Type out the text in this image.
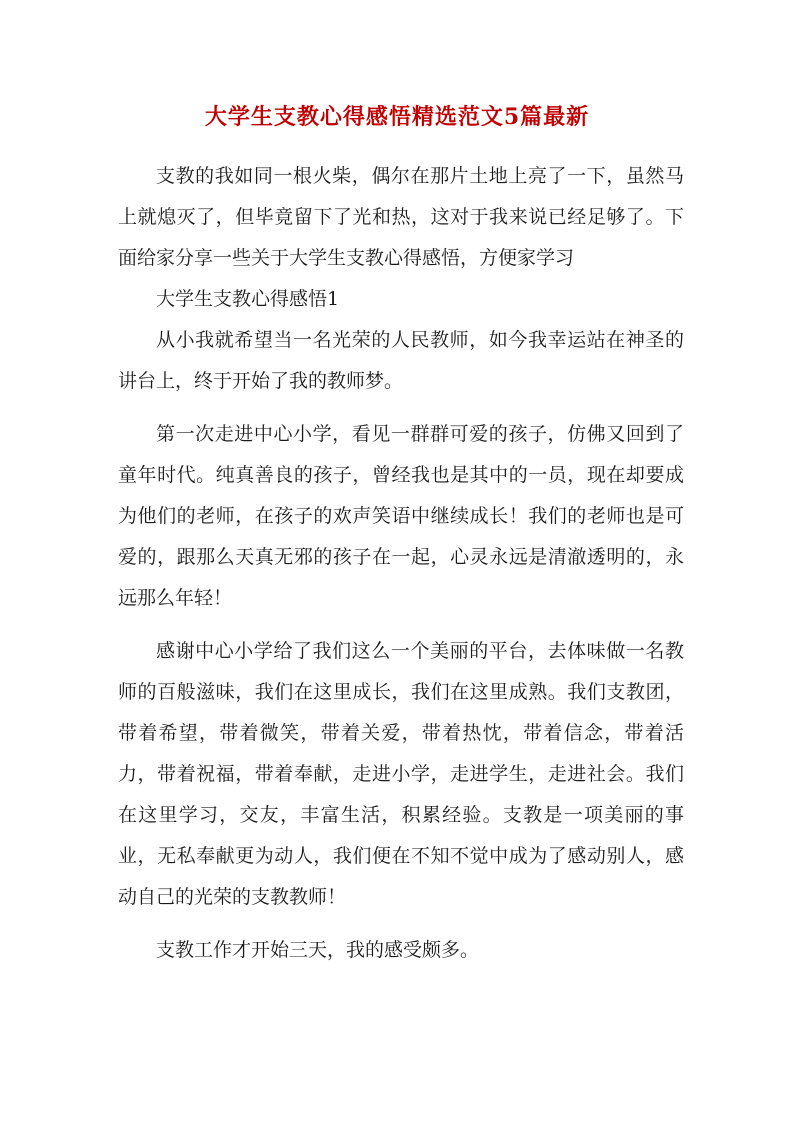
大学生支教心得感悟精选范文5篇最新

支教的我如同一根火柴，偶尔在那片土地上亮了一下，虽然马上就熄灭了，但毕竟留下了光和热，这对于我来说已经足够了。下面给家分享一些关于大学生支教心得感悟，方便家学习

大学生支教心得感悟1

从小我就希望当一名光荣的人民教师，如今我幸运站在神圣的讲台上，终于开始了我的教师梦。

第一次走进中心小学，看见一群群可爱的孩子，仿佛又回到了童年时代。纯真善良的孩子，曾经我也是其中的一员，现在却要成为他们的老师，在孩子的欢声笑语中继续成长！我们的老师也是可爱的，跟那么天真无邪的孩子在一起，心灵永远是清澈透明的，永远那么年轻！

感谢中心小学给了我们这么一个美丽的平台，去体味做一名教师的百般滋味，我们在这里成长，我们在这里成熟。我们支教团，带着希望，带着微笑，带着关爱，带着热忱，带着信念，带着活力，带着祝福，带着奉献，走进小学，走进学生，走进社会。我们在这里学习，交友，丰富生活，积累经验。支教是一项美丽的事业，无私奉献更为动人，我们便在不知不觉中成为了感动别人，感动自己的光荣的支教教师！

支教工作才开始三天，我的感受颇多。
